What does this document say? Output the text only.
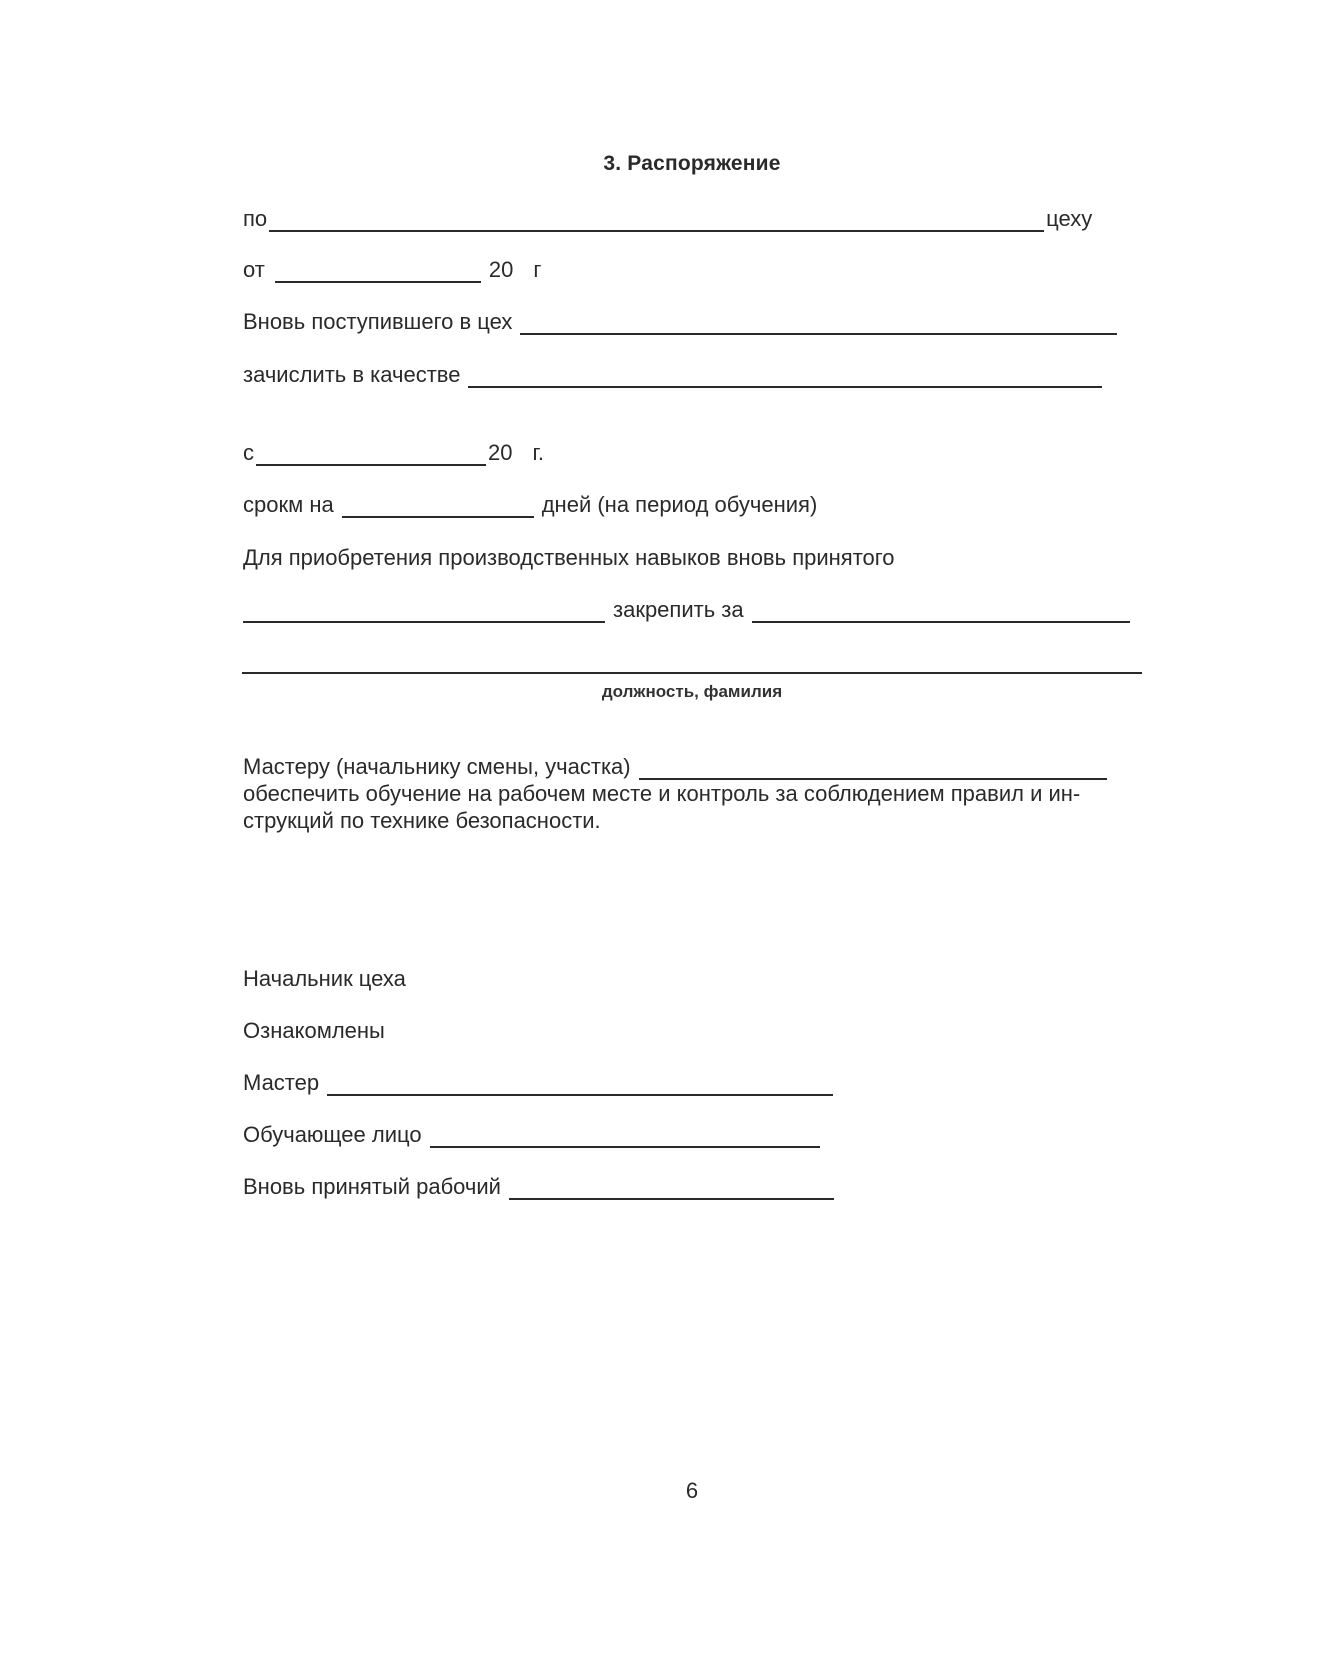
3. Распоряжение
по	цеху
от	20 г
Вновь поступившего в цех
зачислить в качестве
с	20 г.
срокм на	дней (на период обучения)
Для приобретения производственных навыков вновь принятого
закрепить за
должность, фамилия
Мастеру (начальнику смены, участка)
обеспечить обучение на рабочем месте и контроль за соблюдением правил и ин-
струкций по технике безопасности.
Начальник цеха
Ознакомлены
Мастер
Обучающее лицо
Вновь принятый рабочий
6
